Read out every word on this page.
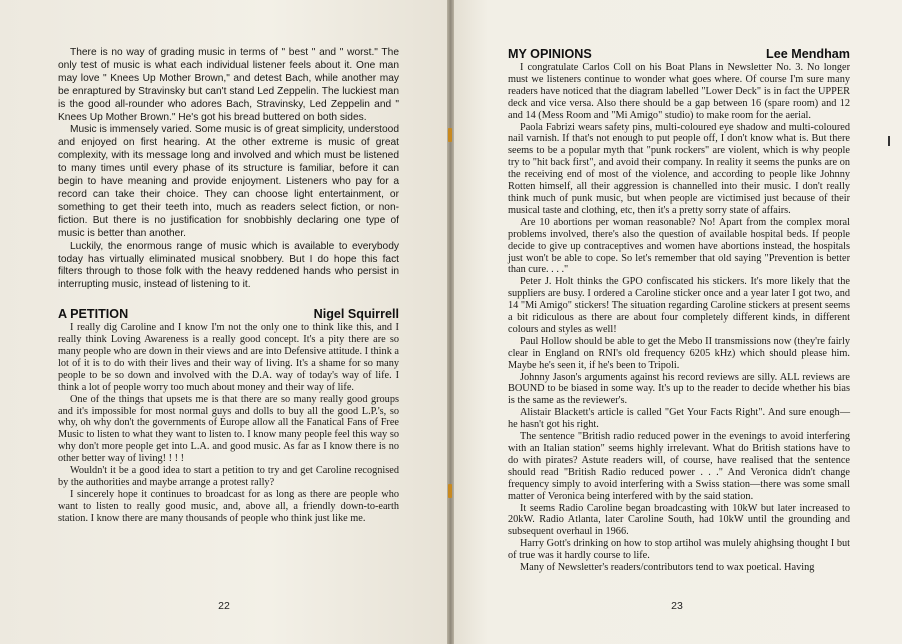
There is no way of grading music in terms of " best " and " worst." The only test of music is what each individual listener feels about it. One man may love " Knees Up Mother Brown," and detest Bach, while another may be enraptured by Stravinsky but can't stand Led Zeppelin. The luckiest man is the good all-rounder who adores Bach, Stravinsky, Led Zeppelin and " Knees Up Mother Brown." He's got his bread buttered on both sides.

Music is immensely varied. Some music is of great simplicity, understood and enjoyed on first hearing. At the other extreme is music of great complexity, with its message long and involved and which must be listened to many times until every phase of its structure is familiar, before it can begin to have meaning and provide enjoyment. Listeners who pay for a record can take their choice. They can choose light entertainment, or something to get their teeth into, much as readers select fiction, or non-fiction. But there is no justification for snobbishly declaring one type of music is better than another.

Luckily, the enormous range of music which is available to everybody today has virtually eliminated musical snobbery. But I do hope this fact filters through to those folk with the heavy reddened hands who persist in interrupting music, instead of listening to it.

A PETITION	Nigel Squirrell

I really dig Caroline and I know I'm not the only one to think like this, and I really think Loving Awareness is a really good concept. It's a pity there are so many people who are down in their views and are into Defensive attitude. I think a lot of it is to do with their lives and their way of living. It's a shame for so many people to be so down and involved with the D.A. way of today's way of life. I think a lot of people worry too much about money and their way of life.

One of the things that upsets me is that there are so many really good groups and it's impossible for most normal guys and dolls to buy all the good L.P.'s, so why, oh why don't the governments of Europe allow all the Fanatical Fans of Free Music to listen to what they want to listen to. I know many people feel this way so why don't more people get into L.A. and good music. As far as I know there is no other better way of living! ! ! !

Wouldn't it be a good idea to start a petition to try and get Caroline recognised by the authorities and maybe arrange a protest rally?

I sincerely hope it continues to broadcast for as long as there are people who want to listen to really good music, and, above all, a friendly down-to-earth station. I know there are many thousands of people who think just like me.

22
MY OPINIONS	Lee Mendham

I congratulate Carlos Coll on his Boat Plans in Newsletter No. 3. No longer must we listeners continue to wonder what goes where. Of course I'm sure many readers have noticed that the diagram labelled "Lower Deck" is in fact the UPPER deck and vice versa. Also there should be a gap between 16 (spare room) and 12 and 14 (Mess Room and "Mi Amigo" studio) to make room for the aerial.

Paola Fabrizi wears safety pins, multi-coloured eye shadow and multi-coloured nail varnish. If that's not enough to put people off, I don't know what is. But there seems to be a popular myth that "punk rockers" are violent, which is why people try to "hit back first", and avoid their company. In reality it seems the punks are on the receiving end of most of the violence, and according to people like Johnny Rotten himself, all their aggression is channelled into their music. I don't really think much of punk music, but when people are victimised just because of their musical taste and clothing, etc, then it's a pretty sorry state of affairs.

Are 10 abortions per woman reasonable? No! Apart from the complex moral problems involved, there's also the question of available hospital beds. If people decide to give up contraceptives and women have abortions instead, the hospitals just won't be able to cope. So let's remember that old saying "Prevention is better than cure. . . ."

Peter J. Holt thinks the GPO confiscated his stickers. It's more likely that the suppliers are busy. I ordered a Caroline sticker once and a year later I got two, and 14 "Mi Amigo" stickers! The situation regarding Caroline stickers at present seems a bit ridiculous as there are about four completely different kinds, in different colours and styles as well!

Paul Hollow should be able to get the Mebo II transmissions now (they're fairly clear in England on RNI's old frequency 6205 kHz) which should please him. Maybe he's seen it, if he's been to Tripoli.

Johnny Jason's arguments against his record reviews are silly. ALL reviews are BOUND to be biased in some way. It's up to the reader to decide whether his bias is the same as the reviewer's.

Alistair Blackett's article is called "Get Your Facts Right". And sure enough—he hasn't got his right.

The sentence "British radio reduced power in the evenings to avoid interfering with an Italian station" seems highly irrelevant. What do British stations have to do with pirates? Astute readers will, of course, have realised that the sentence should read "British Radio reduced power . . ." And Veronica didn't change frequency simply to avoid interfering with a Swiss station—there was some small matter of Veronica being interfered with by the said station.

It seems Radio Caroline began broadcasting with 10kW but later increased to 20kW. Radio Atlanta, later Caroline South, had 10kW until the grounding and subsequent overhaul in 1966.

Harry Gott's drinking on how to stop artihol was mulely ahighsing thought I but of true was it hardly course to life.

Many of Newsletter's readers/contributors tend to wax poetical. Having

23
